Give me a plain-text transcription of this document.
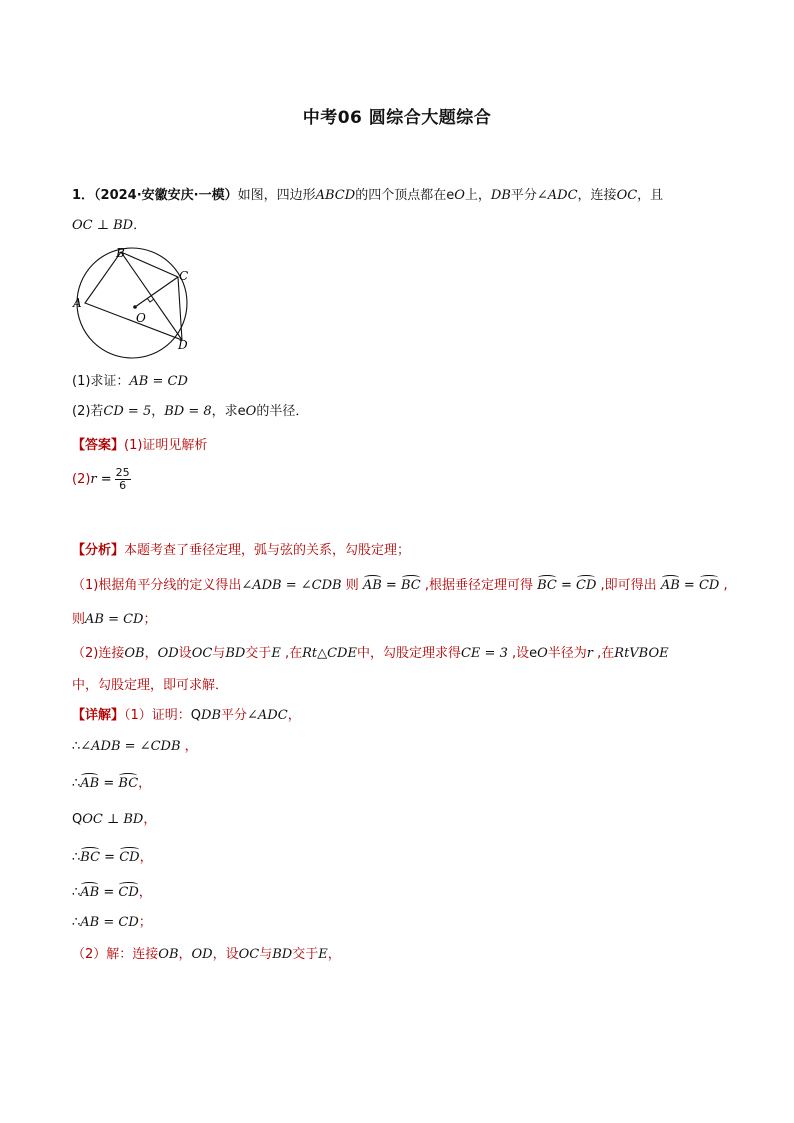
中考06 圆综合大题综合
1．（2024·安徽安庆·一模）如图，四边形ABCD的四个顶点都在eO上，DB平分∠ADC，连接OC，且
OC ⊥ BD．
A
B
C
D
O
(1)求证：AB = CD
(2)若CD = 5，BD = 8，求eO的半径．
【答案】(1)证明见解析
$(2)r = \frac{25}{6}$
【分析】本题考查了垂径定理，弧与弦的关系，勾股定理；
（1)根据角平分线的定义得出∠ADB = ∠CDB 则 AB = BC ,根据垂径定理可得 BC = CD ,即可得出 AB = CD ,
则AB = CD；
（2)连接OB，OD设OC与BD交于E ,在Rt△CDE中，勾股定理求得CE = 3 ,设eO半径为r ,在RtVBOE
中，勾股定理，即可求解．
【详解】（1）证明：QDB平分∠ADC，
∴∠ADB = ∠CDB ，
∴AB = BC，
QOC ⊥ BD，
∴BC = CD，
∴AB = CD，
∴AB = CD；
（2）解：连接OB，OD，设OC与BD交于E，
